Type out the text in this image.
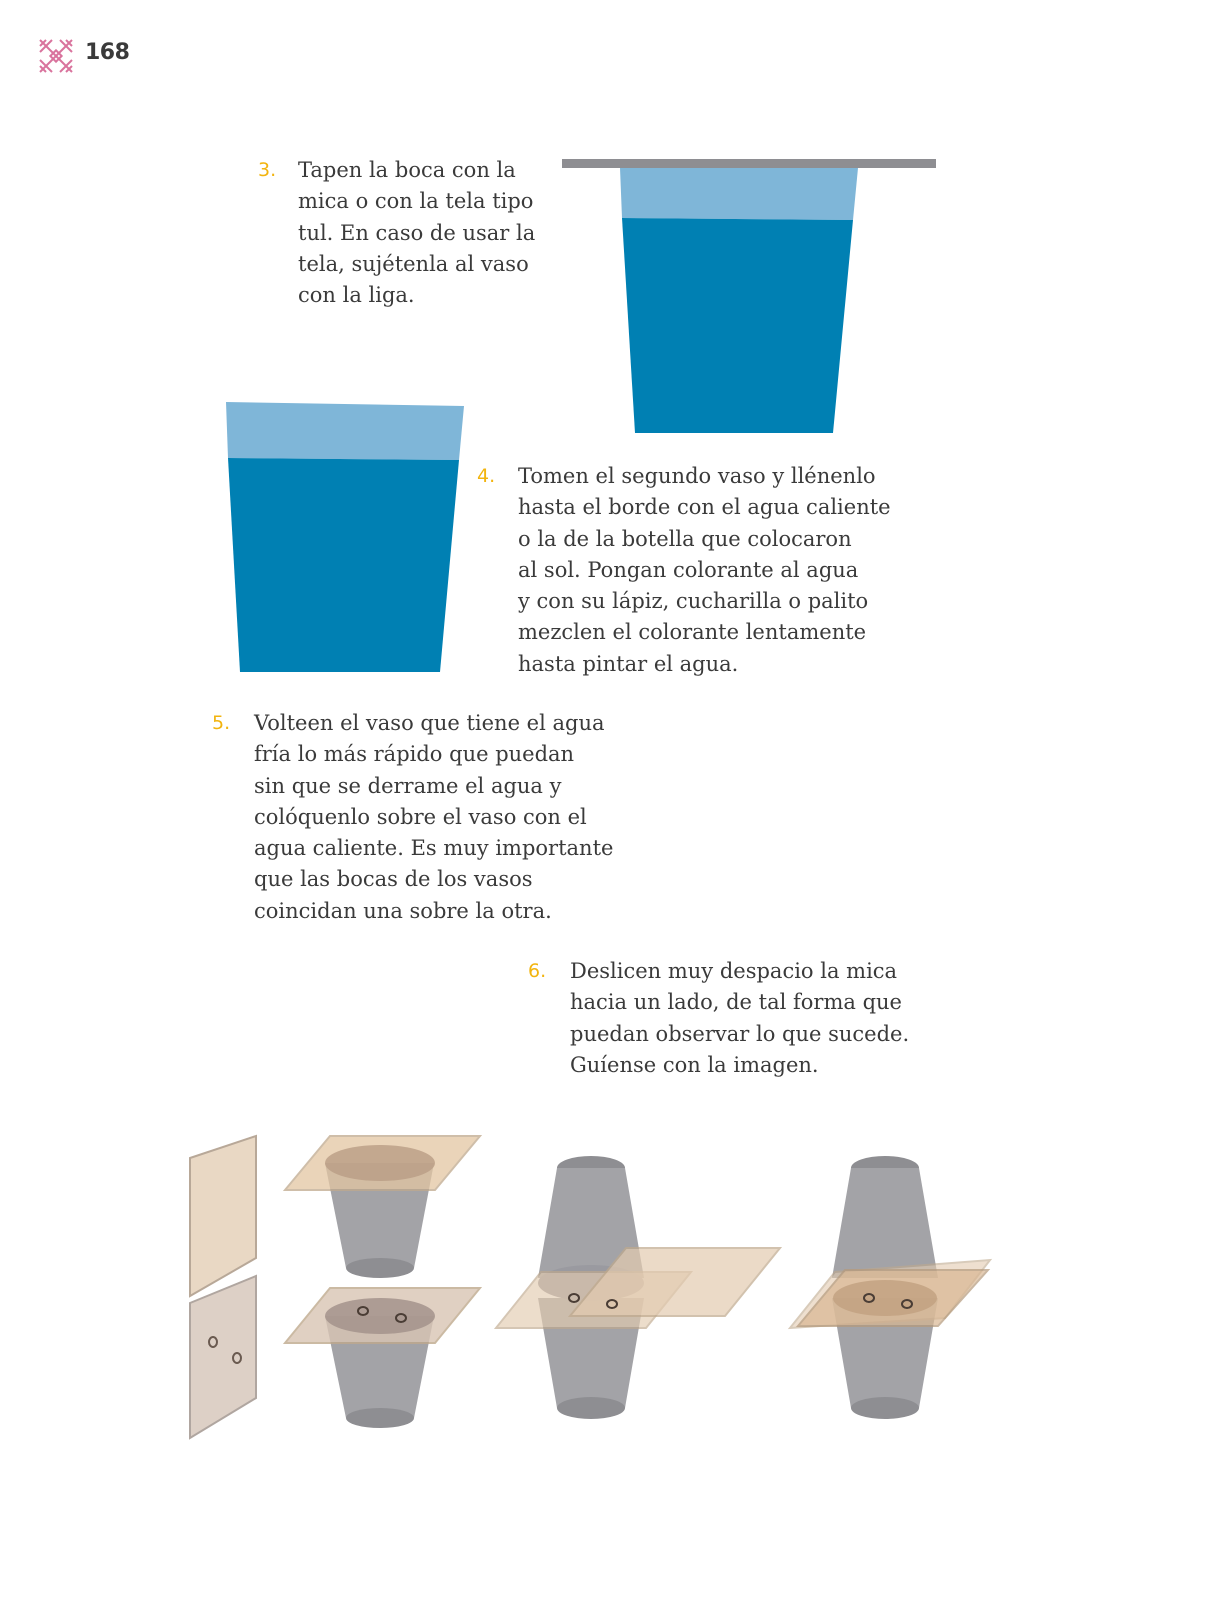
168
3. Tapen la boca con la
mica o con la tela tipo
tul. En caso de usar la
tela, sujétenla al vaso
con la liga.
4. Tomen el segundo vaso y llénenlo
hasta el borde con el agua caliente
o la de la botella que colocaron
al sol. Pongan colorante al agua
y con su lápiz, cucharilla o palito
mezclen el colorante lentamente
hasta pintar el agua.
5. Volteen el vaso que tiene el agua
fría lo más rápido que puedan
sin que se derrame el agua y
colóquenlo sobre el vaso con el
agua caliente. Es muy importante
que las bocas de los vasos
coincidan una sobre la otra.
6. Deslicen muy despacio la mica
hacia un lado, de tal forma que
puedan observar lo que sucede.
Guíense con la imagen.
